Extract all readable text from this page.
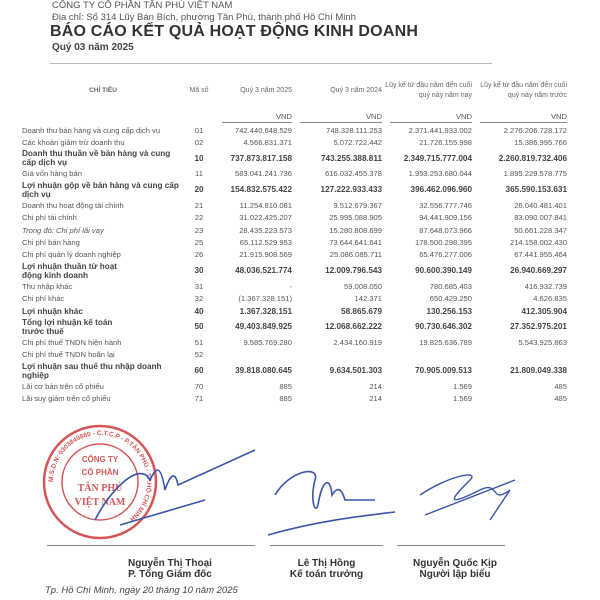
CÔNG TY CỔ PHẦN TÂN PHÚ VIỆT NAM
Địa chỉ: Số 314 Lũy Bán Bích, phường Tân Phú, thành phố Hồ Chí Minh
BÁO CÁO KẾT QUẢ HOẠT ĐỘNG KINH DOANH
Quý 03 năm 2025
CHỈ TIÊU	Mã số	Quý 3 năm 2025	Quý 3 năm 2024	Lũy kế từ đầu năm đến cuối quý này năm nay	Lũy kế từ đầu năm đến cuối quý này năm trước

		VND	VND	VND	VND

Doanh thu bán hàng và cung cấp dịch vụ	01	742.440.648.529	748.328.111.253	2.371.441.933.002	2.276.206.728.172
Các khoản giảm trừ doanh thu	02	4.566.831.371	5.072.722.442	21.726.155.998	15.386.995.766
Doanh thu thuần về bán hàng và cung cấp dịch vụ	10	737.873.817.158	743.255.388.811	2.349.715.777.004	2.260.819.732.406
Giá vốn hàng bán	11	583.041.241.736	616.032.455.378	1.953.253.680.044	1.895.229.578.775
Lợi nhuận gộp về bán hàng và cung cấp dịch vụ	20	154.832.575.422	127.222.933.433	396.462.096.960	365.590.153.631
Doanh thu hoạt động tài chính	21	11.254.810.081	9.512.679.367	32.556.777.746	26.040.481.401
Chi phí tài chính	22	31.022.425.207	25.995.088.905	94.441.909.156	83.090.007.841
Trong đó: Chi phí lãi vay	23	28.435.223.573	15.280.808.699	87.648.073.966	50.661.228.347
Chi phí bán hàng	25	65.112.529.953	73.644.641.641	178.500.298.395	214.158.002.430
Chi phí quản lý doanh nghiệp	26	21.915.908.569	25.086.085.711	65.476.277.006	67.441.955.464
Lợi nhuận thuần từ hoạt động kinh doanh	30	48.036.521.774	12.009.796.543	90.600.390.149	26.940.669.297
Thu nhập khác	31	-	59.008.050	780.685.403	416.932.739
Chi phí khác	32	(1.367.328.151)	142.371	650.429.250	4.626.835
Lợi nhuận khác	40	1.367.328.151	58.865.679	130.256.153	412.305.904
Tổng lợi nhuận kế toán trước thuế	50	49.403.849.925	12.068.662.222	90.730.646.302	27.352.975.201
Chi phí thuế TNDN hiện hành	51	9.585.769.280	2.434.160.919	19.825.636.789	5.543.925.863
Chi phí thuế TNDN hoãn lại	52				
Lợi nhuận sau thuế thu nhập doanh nghiệp	60	39.818.080.645	9.634.501.303	70.905.009.513	21.809.049.338
Lãi cơ bản trên cổ phiếu	70	885	214	1.569	485
Lãi suy giảm trên cổ phiếu	71	885	214	1.569	485
CÔNG TY
CỔ PHẦN
TÂN PHÚ
VIỆT NAM
M.S.D.N: 0303840860 - C.T.C.P - P.TÂN PHÚ - TP.HỒ CHÍ MINH
Nguyễn Thị Thoại
P. Tổng Giám đốc
Lê Thị Hồng
Kế toán trưởng
Nguyễn Quốc Kịp
Người lập biểu
Tp. Hồ Chí Minh, ngày 20 tháng 10 năm 2025
